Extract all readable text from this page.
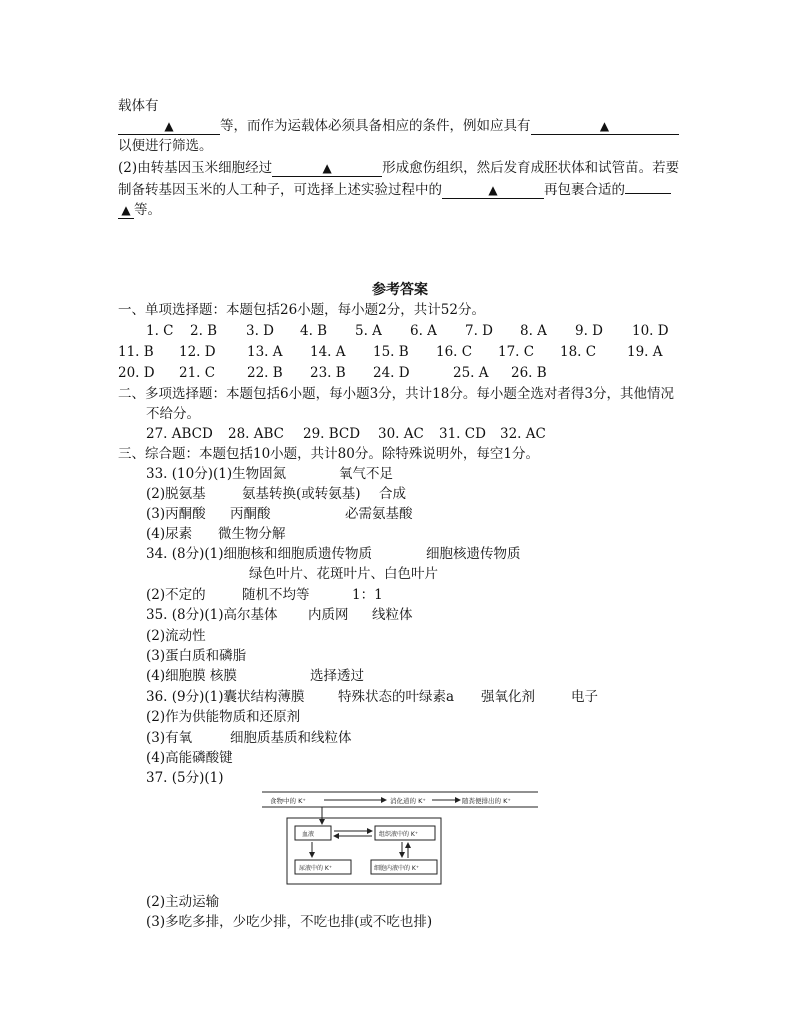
载体有
▲	等，而作为运载体必须具备相应的条件，例如应具有	▲
以便进行筛选。
(2)由转基因玉米细胞经过	▲	形成愈伤组织，然后发育成胚状体和试管苗。若要
制备转基因玉米的人工种子，可选择上述实验过程中的	▲	再包裹合适的
▲ 等。
参考答案
一、单项选择题：本题包括26小题，每小题2分，共计52分。
1. C 2. B 3. D 4. B 5. A 6. A 7. D 8. A 9. D 10. D
11. B 12. D 13. A 14. A 15. B 16. C 17. C 18. C 19. A
20. D 21. C 22. B 23. B 24. D	25. A 26. B
二、多项选择题：本题包括6小题，每小题3分，共计18分。每小题全选对者得3分，其他情况
不给分。
27. ABCD 28. ABC 29. BCD 30. AC 31. CD 32. AC
三、综合题：本题包括10小题，共计80分。除特殊说明外，每空1分。
33. (10分)(1)生物固氮	氧气不足
(2)脱氨基	氨基转换(或转氨基) 合成
(3)丙酮酸 丙酮酸	必需氨基酸
(4)尿素 微生物分解
34. (8分)(1)细胞核和细胞质遗传物质	细胞核遗传物质
绿色叶片、花斑叶片、白色叶片
(2)不定的	随机不均等	1：1
35. (8分)(1)高尔基体 内质网 线粒体
(2)流动性
(3)蛋白质和磷脂
(4)细胞膜 核膜	选择透过
36. (9分)(1)囊状结构薄膜 特殊状态的叶绿素a 强氧化剂	电子
(2)作为供能物质和还原剂
(3)有氧	细胞质基质和线粒体
(4)高能磷酸键
37. (5分)(1)
食物中的 K⁺	消化道的 K⁺	随粪便排出的 K⁺
血液	组织液中的 K⁺
尿液中的 K⁺	细胞内液中的 K⁺
(2)主动运输
(3)多吃多排，少吃少排，不吃也排(或不吃也排)
